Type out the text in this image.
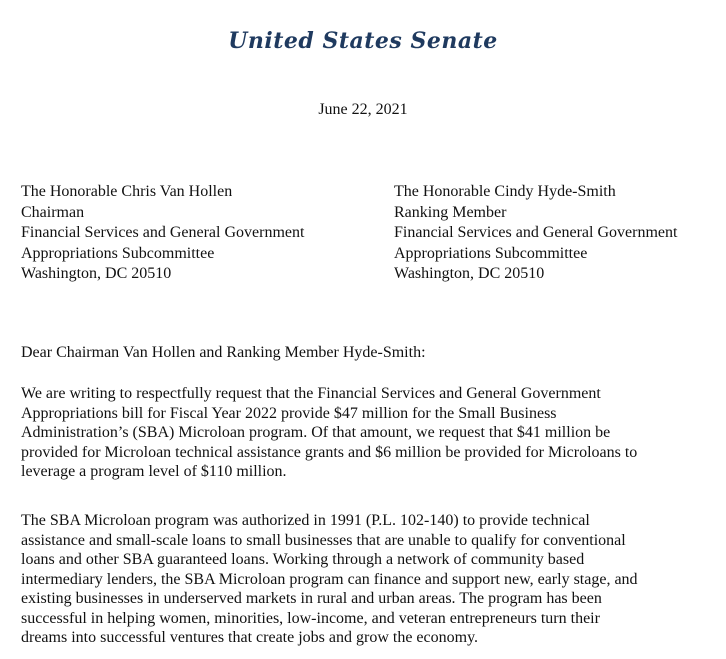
United States Senate
June 22, 2021
The Honorable Chris Van Hollen
Chairman
Financial Services and General Government
Appropriations Subcommittee
Washington, DC 20510
The Honorable Cindy Hyde-Smith
Ranking Member
Financial Services and General Government
Appropriations Subcommittee
Washington, DC 20510
Dear Chairman Van Hollen and Ranking Member Hyde-Smith:
We are writing to respectfully request that the Financial Services and General Government
Appropriations bill for Fiscal Year 2022 provide $47 million for the Small Business
Administration’s (SBA) Microloan program. Of that amount, we request that $41 million be
provided for Microloan technical assistance grants and $6 million be provided for Microloans to
leverage a program level of $110 million.
The SBA Microloan program was authorized in 1991 (P.L. 102-140) to provide technical
assistance and small-scale loans to small businesses that are unable to qualify for conventional
loans and other SBA guaranteed loans. Working through a network of community based
intermediary lenders, the SBA Microloan program can finance and support new, early stage, and
existing businesses in underserved markets in rural and urban areas. The program has been
successful in helping women, minorities, low-income, and veteran entrepreneurs turn their
dreams into successful ventures that create jobs and grow the economy.
